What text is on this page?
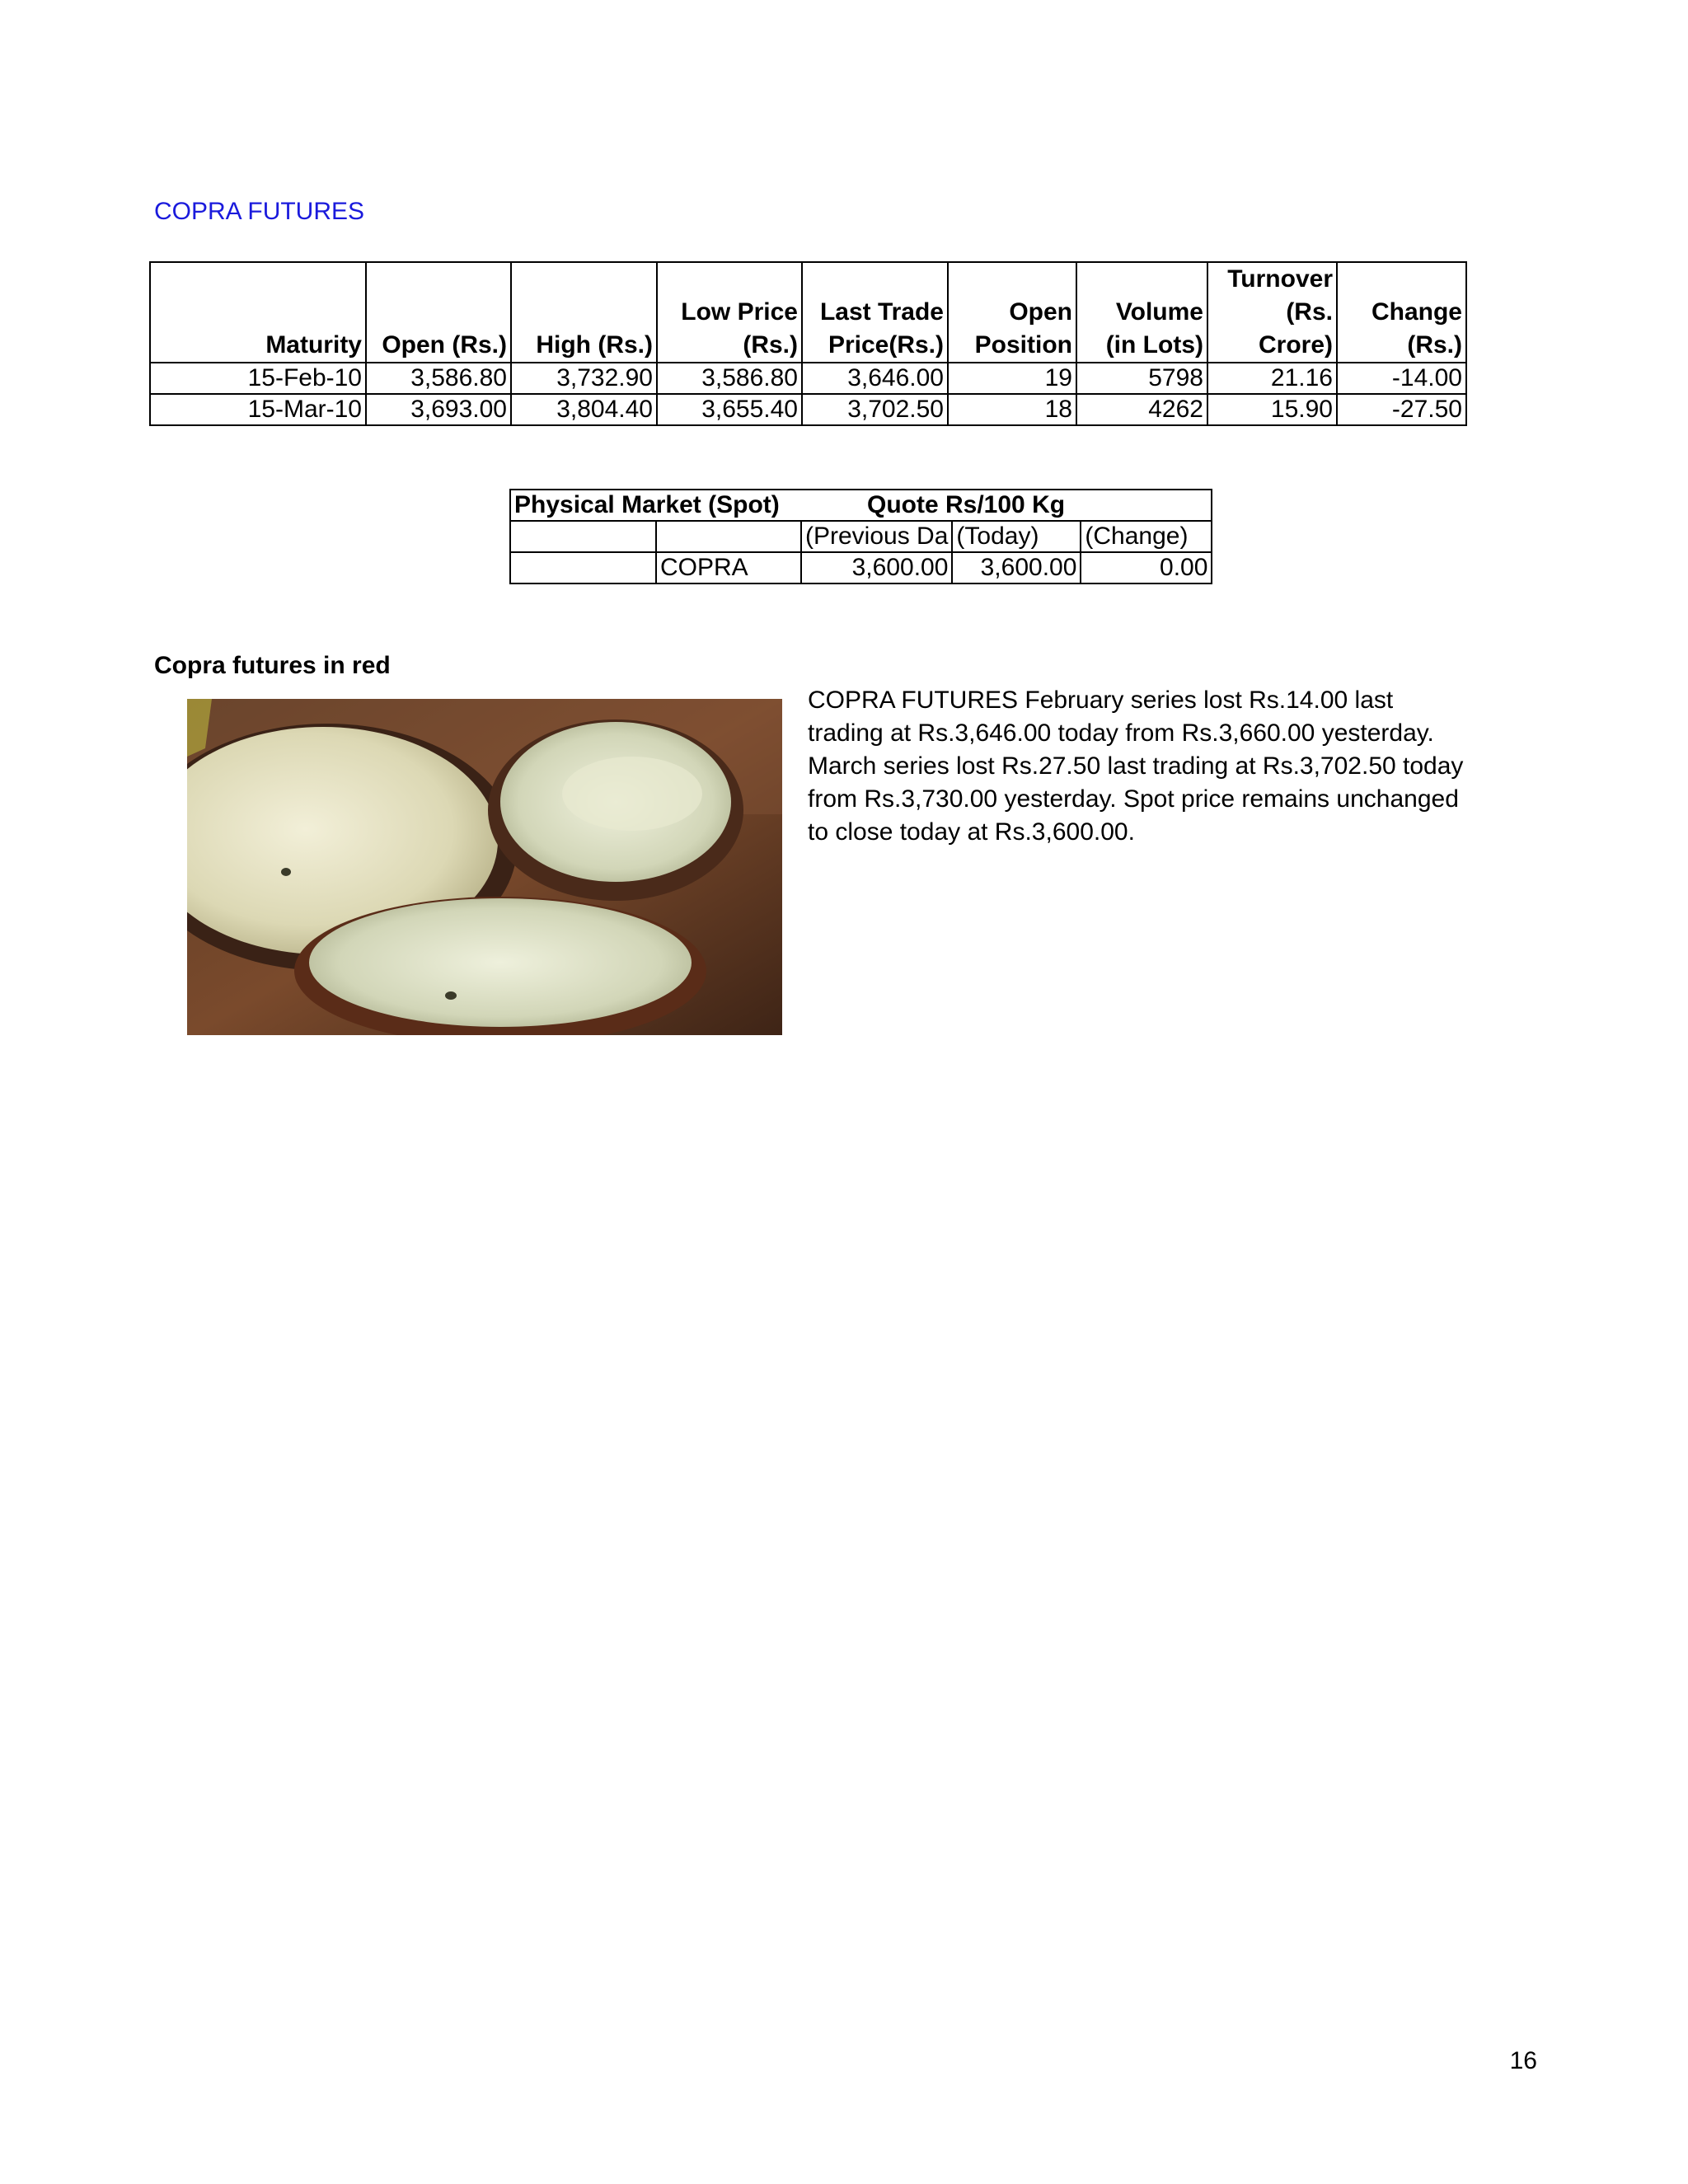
COPRA FUTURES
Maturity	Open (Rs.)	High (Rs.)	Low Price (Rs.)	Last Trade Price(Rs.)	Open Position	Volume (in Lots)	Turnover (Rs. Crore)	Change (Rs.)
15-Feb-10	3,586.80	3,732.90	3,586.80	3,646.00	19	5798	21.16	-14.00
15-Mar-10	3,693.00	3,804.40	3,655.40	3,702.50	18	4262	15.90	-27.50
Physical Market (Spot)		Quote Rs/100 Kg		
		(Previous Da	(Today)	(Change)
	COPRA	3,600.00	3,600.00	0.00
Copra futures in red
COPRA FUTURES February series lost Rs.14.00 last trading at Rs.3,646.00 today from Rs.3,660.00 yesterday. March series lost Rs.27.50 last trading at Rs.3,702.50 today from Rs.3,730.00 yesterday. Spot price remains unchanged to close today at Rs.3,600.00.
16
